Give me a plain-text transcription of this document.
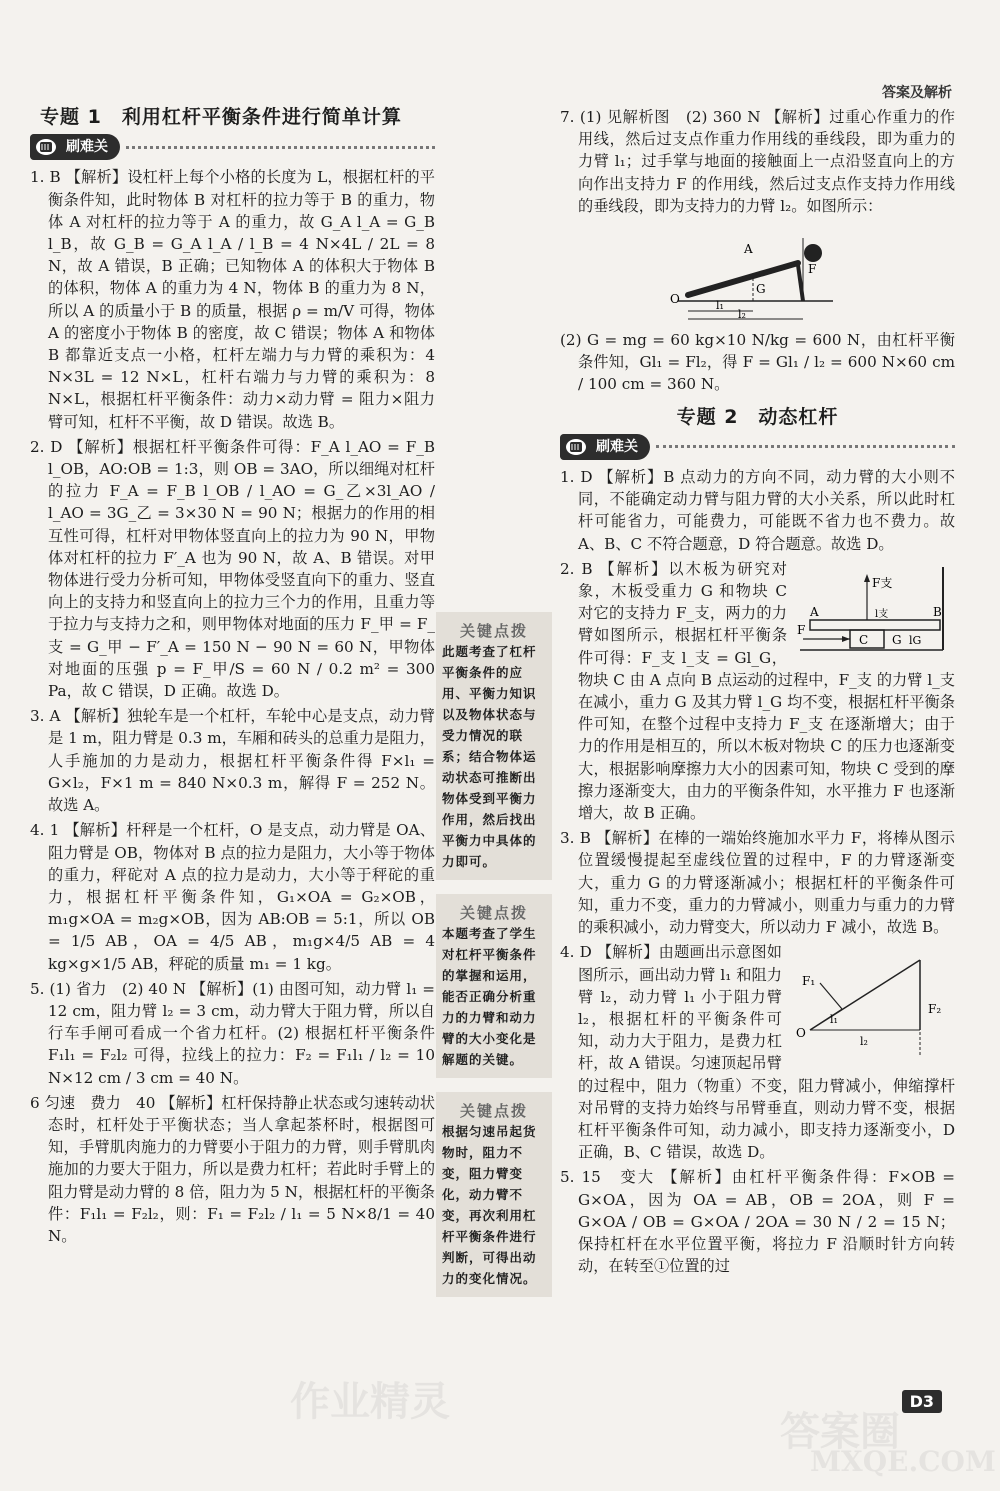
答案及解析
专题 1　利用杠杆平衡条件进行简单计算
刷难关

1. B 【解析】设杠杆上每个小格的长度为 L，根据杠杆的平衡条件知，此时物体 B 对杠杆的拉力等于 B 的重力，物体 A 对杠杆的拉力等于 A 的重力，故 G_A l_A = G_B l_B，故 G_B = G_A l_A / l_B = 4 N×4L / 2L = 8 N，故 A 错误，B 正确；已知物体 A 的体积大于物体 B 的体积，物体 A 的重力为 4 N，物体 B 的重力为 8 N，所以 A 的质量小于 B 的质量，根据 ρ = m/V 可得，物体 A 的密度小于物体 B 的密度，故 C 错误；物体 A 和物体 B 都靠近支点一小格，杠杆左端力与力臂的乘积为：4 N×3L = 12 N×L，杠杆右端力与力臂的乘积为：8 N×L，根据杠杆平衡条件：动力×动力臂 = 阻力×阻力臂可知，杠杆不平衡，故 D 错误。故选 B。

2. D 【解析】根据杠杆平衡条件可得：F_A l_AO = F_B l_OB，AO:OB = 1:3，则 OB = 3AO，所以细绳对杠杆的拉力 F_A = F_B l_OB / l_AO = G_乙×3l_AO / l_AO = 3G_乙 = 3×30 N = 90 N；根据力的作用的相互性可得，杠杆对甲物体竖直向上的拉力为 90 N，甲物体对杠杆的拉力 F′_A 也为 90 N，故 A、B 错误。对甲物体进行受力分析可知，甲物体受竖直向下的重力、竖直向上的支持力和竖直向上的拉力三个力的作用，且重力等于拉力与支持力之和，则甲物体对地面的压力 F_甲 = F_支 = G_甲 − F′_A = 150 N − 90 N = 60 N，甲物体对地面的压强 p = F_甲/S = 60 N / 0.2 m² = 300 Pa，故 C 错误，D 正确。故选 D。

3. A 【解析】独轮车是一个杠杆，车轮中心是支点，动力臂是 1 m，阻力臂是 0.3 m，车厢和砖头的总重力是阻力，人手施加的力是动力，根据杠杆平衡条件得 F×l₁ = G×l₂，F×1 m = 840 N×0.3 m，解得 F = 252 N。故选 A。

4. 1 【解析】杆秤是一个杠杆，O 是支点，动力臂是 OA、阻力臂是 OB，物体对 B 点的拉力是阻力，大小等于物体的重力，秤砣对 A 点的拉力是动力，大小等于秤砣的重力，根据杠杆平衡条件知，G₁×OA = G₂×OB，m₁g×OA = m₂g×OB，因为 AB:OB = 5:1，所以 OB = 1/5 AB，OA = 4/5 AB，m₁g×4/5 AB = 4 kg×g×1/5 AB，秤砣的质量 m₁ = 1 kg。

5. (1) 省力　(2) 40 N 【解析】(1) 由图可知，动力臂 l₁ = 12 cm，阻力臂 l₂ = 3 cm，动力臂大于阻力臂，所以自行车手闸可看成一个省力杠杆。(2) 根据杠杆平衡条件 F₁l₁ = F₂l₂ 可得，拉线上的拉力：F₂ = F₁l₁ / l₂ = 10 N×12 cm / 3 cm = 40 N。

6 匀速　费力　40 【解析】杠杆保持静止状态或匀速转动状态时，杠杆处于平衡状态；当人拿起茶杯时，根据图可知，手臂肌肉施力的力臂要小于阻力的力臂，则手臂肌肉施加的力要大于阻力，所以是费力杠杆；若此时手臂上的阻力臂是动力臂的 8 倍，阻力为 5 N，根据杠杆的平衡条件：F₁l₁ = F₂l₂，则：F₁ = F₂l₂ / l₁ = 5 N×8/1 = 40 N。

关键点拨
此题考查了杠杆平衡条件的应用、平衡力知识以及物体状态与受力情况的联系；结合物体运动状态可推断出物体受到平衡力作用，然后找出平衡力中具体的力即可。
关键点拨
本题考查了学生对杠杆平衡条件的掌握和运用，能否正确分析重力的力臂和动力臂的大小变化是解题的关键。
关键点拨
根据匀速吊起货物时，阻力不变，阻力臂变化，动力臂不变，再次利用杠杆平衡条件进行判断，可得出动力的变化情况。

7. (1) 见解析图　(2) 360 N 【解析】过重心作重力的作用线，然后过支点作重力作用线的垂线段，即为重力的力臂 l₁；过手掌与地面的接触面上一点沿竖直向上的方向作出支持力 F 的作用线，然后过支点作支持力作用线的垂线段，即为支持力的力臂 l₂。如图所示：

A
O
G
F
l₁
l₂

(2) G = mg = 60 kg×10 N/kg = 600 N，由杠杆平衡条件知，Gl₁ = Fl₂，得 F = Gl₁ / l₂ = 600 N×60 cm / 100 cm = 360 N。

专题 2　动态杠杆
刷难关

1. D 【解析】B 点动力的方向不同，动力臂的大小则不同，不能确定动力臂与阻力臂的大小关系，所以此时杠杆可能省力，可能费力，可能既不省力也不费力。故 A、B、C 不符合题意，D 符合题意。故选 D。

F支
A	l支	B
F
C G lG

2. B 【解析】以木板为研究对象，木板受重力 G 和物块 C 对它的支持力 F_支，两力的力臂如图所示，根据杠杆平衡条件可得：F_支 l_支 = Gl_G，物块 C 由 A 点向 B 点运动的过程中，F_支 的力臂 l_支 在减小，重力 G 及其力臂 l_G 均不变，根据杠杆平衡条件可知，在整个过程中支持力 F_支 在逐渐增大；由于力的作用是相互的，所以木板对物块 C 的压力也逐渐变大，根据影响摩擦力大小的因素可知，物块 C 受到的摩擦力逐渐变大，由力的平衡条件知，水平推力 F 也逐渐增大，故 B 正确。

3. B 【解析】在棒的一端始终施加水平力 F，将棒从图示位置缓慢提起至虚线位置的过程中，F 的力臂逐渐变大，重力 G 的力臂逐渐减小；根据杠杆的平衡条件可知，重力不变，重力的力臂减小，则重力与重力的力臂的乘积减小，动力臂变大，所以动力 F 减小，故选 B。

F₁
F₂
l₁
O
l₂

4. D 【解析】由题画出示意图如图所示，画出动力臂 l₁ 和阻力臂 l₂，动力臂 l₁ 小于阻力臂 l₂，根据杠杆的平衡条件可知，动力大于阻力，是费力杠杆，故 A 错误。匀速顶起吊臂的过程中，阻力（物重）不变，阻力臂减小，伸缩撑杆对吊臂的支持力始终与吊臂垂直，则动力臂不变，根据杠杆平衡条件可知，动力减小，即支持力逐渐变小，D 正确，B、C 错误，故选 D。

5. 15　变大 【解析】由杠杆平衡条件得：F×OB = G×OA，因为 OA = AB，OB = 2OA，则 F = G×OA / OB = G×OA / 2OA = 30 N / 2 = 15 N；保持杠杆在水平位置平衡，将拉力 F 沿顺时针方向转动，在转至①位置的过

作业精灵
答案圈
MXQE.COM
D3
